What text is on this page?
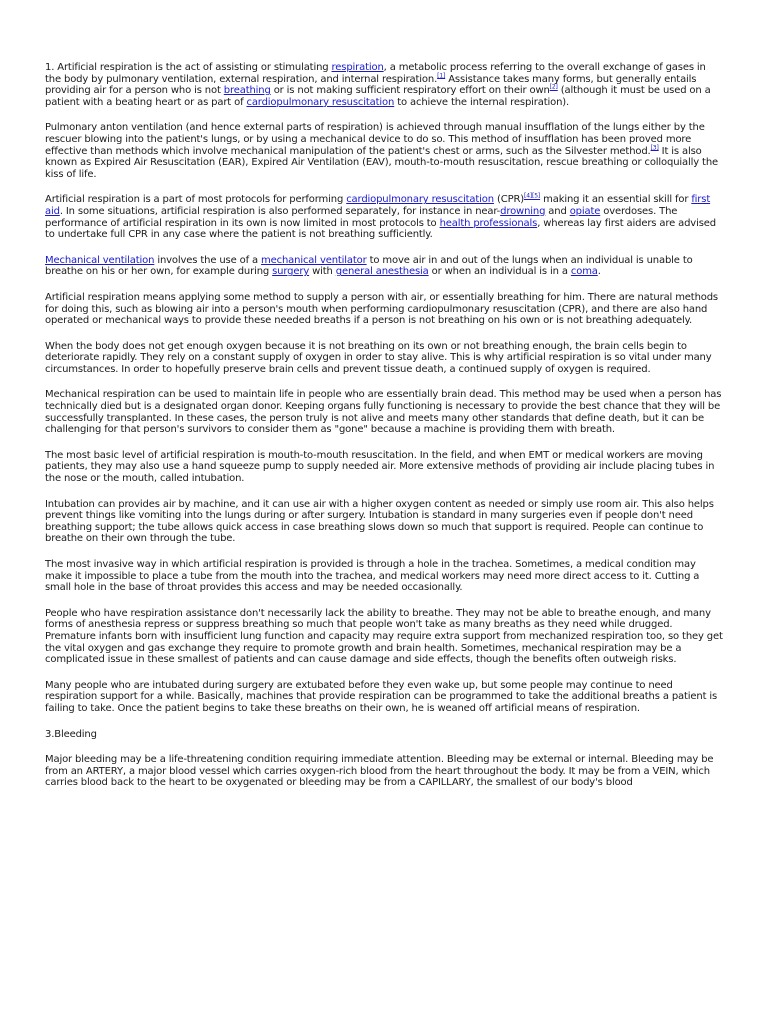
1. Artificial respiration is the act of assisting or stimulating respiration, a metabolic process referring to the overall exchange of gases in the body by pulmonary ventilation, external respiration, and internal respiration.[1] Assistance takes many forms, but generally entails providing air for a person who is not breathing or is not making sufficient respiratory effort on their own[2] (although it must be used on a patient with a beating heart or as part of cardiopulmonary resuscitation to achieve the internal respiration).

Pulmonary anton ventilation (and hence external parts of respiration) is achieved through manual insufflation of the lungs either by the rescuer blowing into the patient's lungs, or by using a mechanical device to do so. This method of insufflation has been proved more effective than methods which involve mechanical manipulation of the patient's chest or arms, such as the Silvester method.[3] It is also known as Expired Air Resuscitation (EAR), Expired Air Ventilation (EAV), mouth-to-mouth resuscitation, rescue breathing or colloquially the kiss of life.

Artificial respiration is a part of most protocols for performing cardiopulmonary resuscitation (CPR)[4][5] making it an essential skill for first aid. In some situations, artificial respiration is also performed separately, for instance in near-drowning and opiate overdoses. The performance of artificial respiration in its own is now limited in most protocols to health professionals, whereas lay first aiders are advised to undertake full CPR in any case where the patient is not breathing sufficiently.

Mechanical ventilation involves the use of a mechanical ventilator to move air in and out of the lungs when an individual is unable to breathe on his or her own, for example during surgery with general anesthesia or when an individual is in a coma.

Artificial respiration means applying some method to supply a person with air, or essentially breathing for him. There are natural methods for doing this, such as blowing air into a person's mouth when performing cardiopulmonary resuscitation (CPR), and there are also hand operated or mechanical ways to provide these needed breaths if a person is not breathing on his own or is not breathing adequately.

When the body does not get enough oxygen because it is not breathing on its own or not breathing enough, the brain cells begin to deteriorate rapidly. They rely on a constant supply of oxygen in order to stay alive. This is why artificial respiration is so vital under many circumstances. In order to hopefully preserve brain cells and prevent tissue death, a continued supply of oxygen is required.

Mechanical respiration can be used to maintain life in people who are essentially brain dead. This method may be used when a person has technically died but is a designated organ donor. Keeping organs fully functioning is necessary to provide the best chance that they will be successfully transplanted. In these cases, the person truly is not alive and meets many other standards that define death, but it can be challenging for that person's survivors to consider them as "gone" because a machine is providing them with breath.

The most basic level of artificial respiration is mouth-to-mouth resuscitation. In the field, and when EMT or medical workers are moving patients, they may also use a hand squeeze pump to supply needed air. More extensive methods of providing air include placing tubes in the nose or the mouth, called intubation.

Intubation can provides air by machine, and it can use air with a higher oxygen content as needed or simply use room air. This also helps prevent things like vomiting into the lungs during or after surgery. Intubation is standard in many surgeries even if people don't need breathing support; the tube allows quick access in case breathing slows down so much that support is required. People can continue to breathe on their own through the tube.

The most invasive way in which artificial respiration is provided is through a hole in the trachea. Sometimes, a medical condition may make it impossible to place a tube from the mouth into the trachea, and medical workers may need more direct access to it. Cutting a small hole in the base of throat provides this access and may be needed occasionally.

People who have respiration assistance don't necessarily lack the ability to breathe. They may not be able to breathe enough, and many forms of anesthesia repress or suppress breathing so much that people won't take as many breaths as they need while drugged. Premature infants born with insufficient lung function and capacity may require extra support from mechanized respiration too, so they get the vital oxygen and gas exchange they require to promote growth and brain health. Sometimes, mechanical respiration may be a complicated issue in these smallest of patients and can cause damage and side effects, though the benefits often outweigh risks.

Many people who are intubated during surgery are extubated before they even wake up, but some people may continue to need respiration support for a while. Basically, machines that provide respiration can be programmed to take the additional breaths a patient is failing to take. Once the patient begins to take these breaths on their own, he is weaned off artificial means of respiration.

3.Bleeding

Major bleeding may be a life-threatening condition requiring immediate attention. Bleeding may be external or internal. Bleeding may be from an ARTERY, a major blood vessel which carries oxygen-rich blood from the heart throughout the body. It may be from a VEIN, which carries blood back to the heart to be oxygenated or bleeding may be from a CAPILLARY, the smallest of our body's blood
